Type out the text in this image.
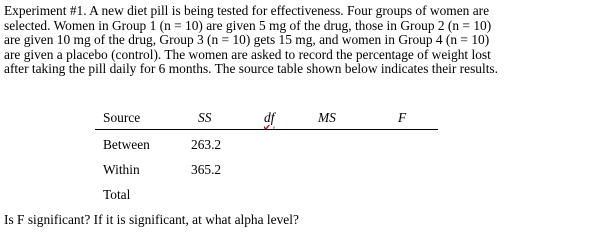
Experiment #1. A new diet pill is being tested for effectiveness. Four groups of women are
selected. Women in Group 1 (n = 10) are given 5 mg of the drug, those in Group 2 (n = 10)
are given 10 mg of the drug, Group 3 (n = 10) gets 15 mg, and women in Group 4 (n = 10)
are given a placebo (control). The women are asked to record the percentage of weight lost
after taking the pill daily for 6 months. The source table shown below indicates their results.
Source	SS	df	MS	F
Between	263.2
Within	365.2
Total
Is F significant? If it is significant, at what alpha level?
